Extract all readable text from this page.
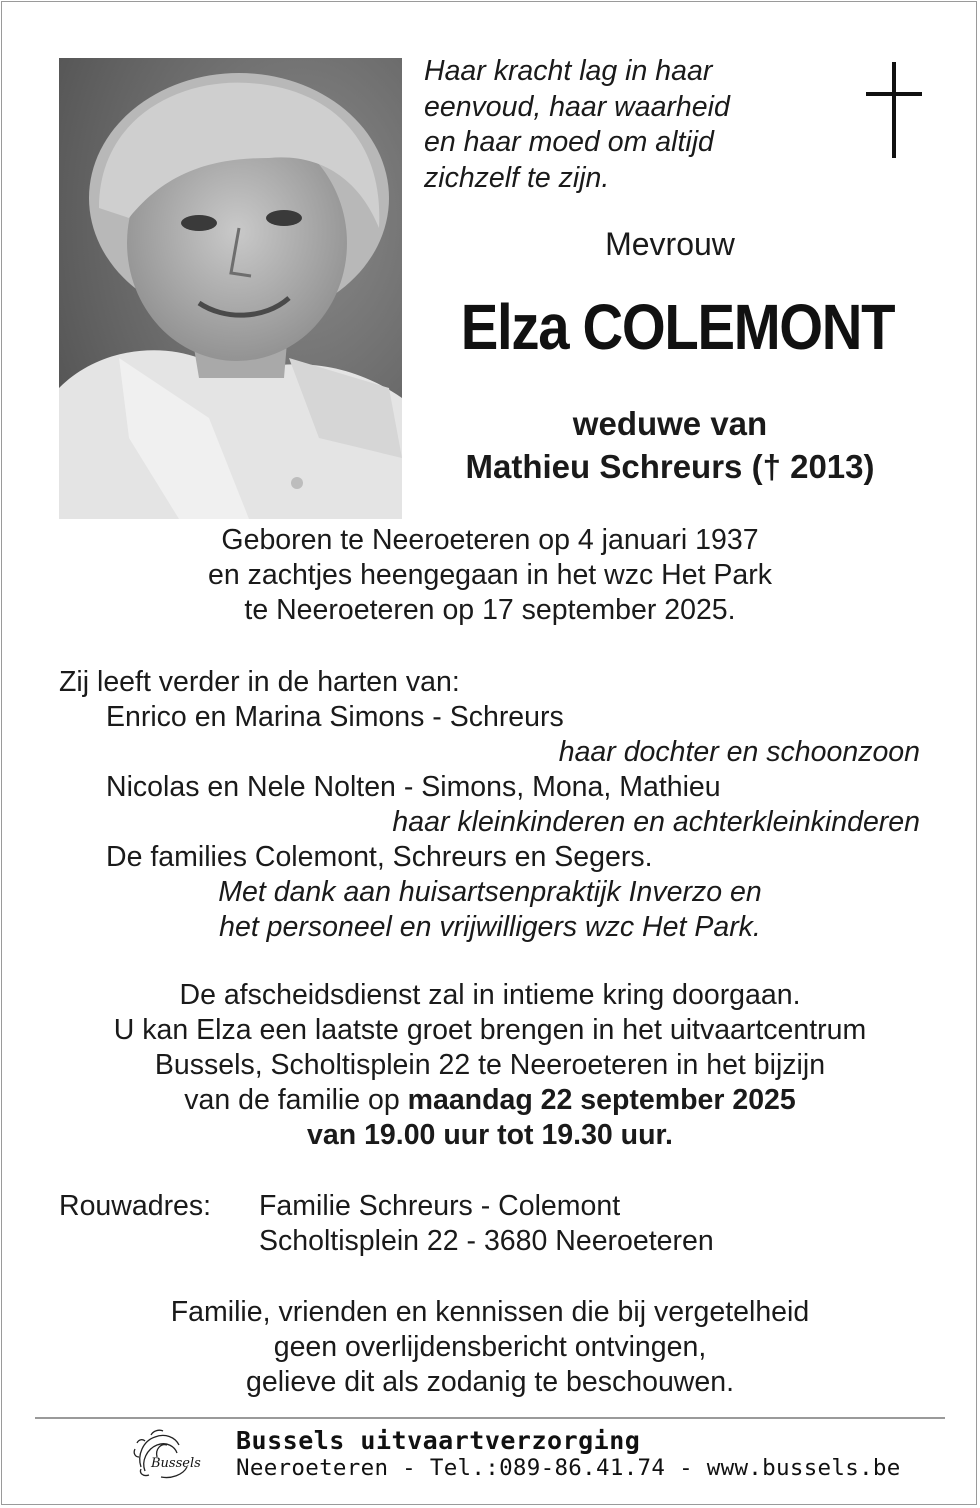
Haar kracht lag in haar
eenvoud, haar waarheid
en haar moed om altijd
zichzelf te zijn.
Mevrouw
Elza COLEMONT
weduwe van
Mathieu Schreurs († 2013)
Geboren te Neeroeteren op 4 januari 1937
en zachtjes heengegaan in het wzc Het Park
te Neeroeteren op 17 september 2025.
Zij leeft verder in de harten van:
Enrico en Marina Simons - Schreurs
haar dochter en schoonzoon
Nicolas en Nele Nolten - Simons, Mona, Mathieu
haar kleinkinderen en achterkleinkinderen
De families Colemont, Schreurs en Segers.
Met dank aan huisartsenpraktijk Inverzo en
het personeel en vrijwilligers wzc Het Park.
De afscheidsdienst zal in intieme kring doorgaan.
U kan Elza een laatste groet brengen in het uitvaartcentrum
Bussels, Scholtisplein 22 te Neeroeteren in het bijzijn
van de familie op maandag 22 september 2025
van 19.00 uur tot 19.30 uur.
Rouwadres: Familie Schreurs - Colemont
Scholtisplein 22 - 3680 Neeroeteren
Familie, vrienden en kennissen die bij vergetelheid
geen overlijdensbericht ontvingen,
gelieve dit als zodanig te beschouwen.
Bussels
Bussels uitvaartverzorging
Neeroeteren - Tel.:089-86.41.74 - www.bussels.be
